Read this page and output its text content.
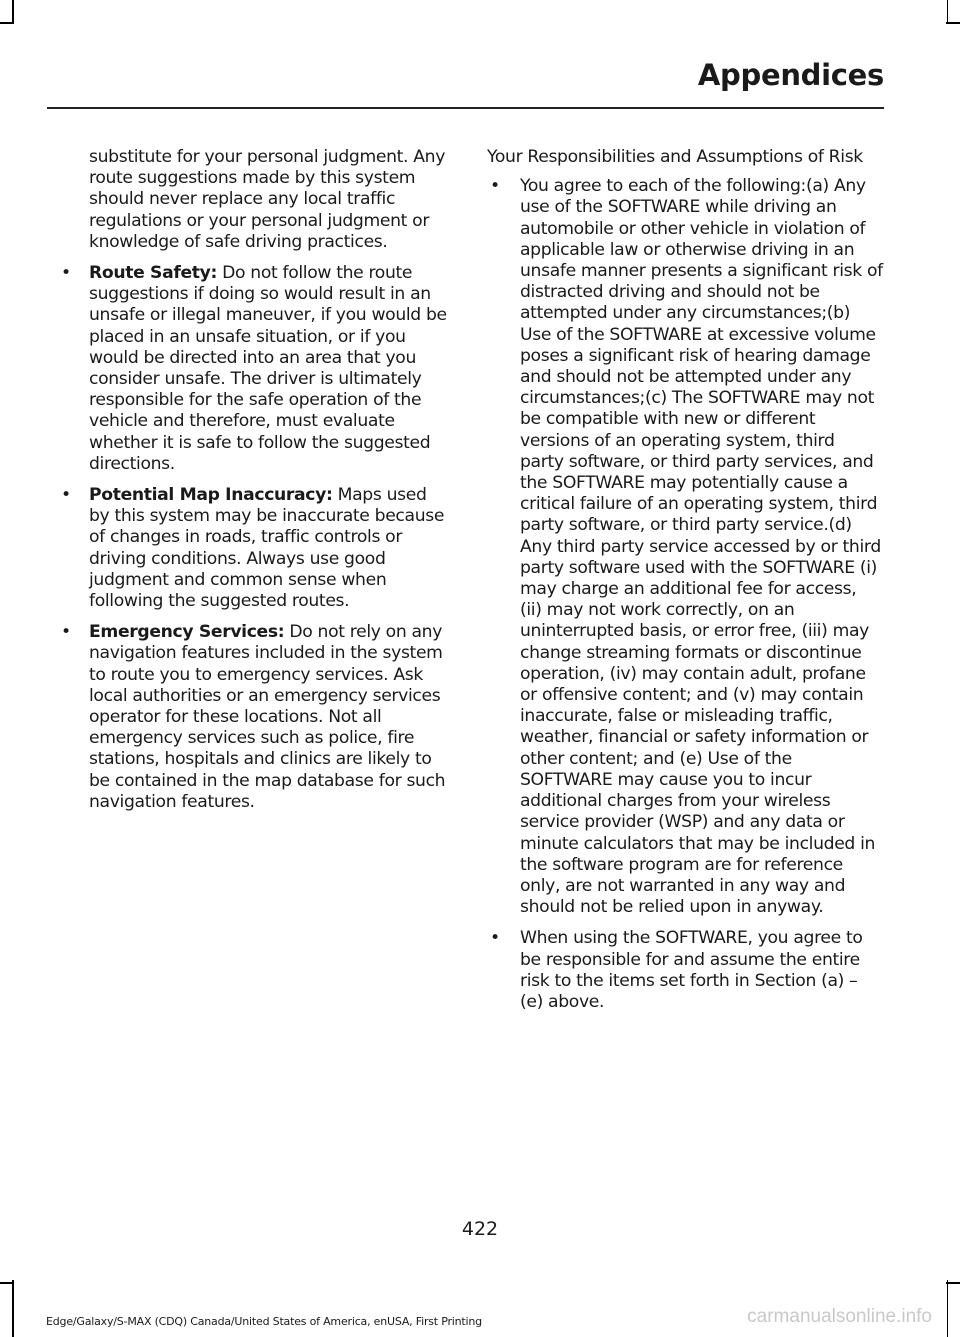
Appendices

substitute for your personal judgment. Any route suggestions made by this system should never replace any local traffic regulations or your personal judgment or knowledge of safe driving practices.

• Route Safety: Do not follow the route suggestions if doing so would result in an unsafe or illegal maneuver, if you would be placed in an unsafe situation, or if you would be directed into an area that you consider unsafe. The driver is ultimately responsible for the safe operation of the vehicle and therefore, must evaluate whether it is safe to follow the suggested directions.
• Potential Map Inaccuracy: Maps used by this system may be inaccurate because of changes in roads, traffic controls or driving conditions. Always use good judgment and common sense when following the suggested routes.
• Emergency Services: Do not rely on any navigation features included in the system to route you to emergency services. Ask local authorities or an emergency services operator for these locations. Not all emergency services such as police, fire stations, hospitals and clinics are likely to be contained in the map database for such navigation features.

Your Responsibilities and Assumptions of Risk

• You agree to each of the following:(a) Any use of the SOFTWARE while driving an automobile or other vehicle in violation of applicable law or otherwise driving in an unsafe manner presents a significant risk of distracted driving and should not be attempted under any circumstances;(b) Use of the SOFTWARE at excessive volume poses a significant risk of hearing damage and should not be attempted under any circumstances;(c) The SOFTWARE may not be compatible with new or different versions of an operating system, third party software, or third party services, and the SOFTWARE may potentially cause a critical failure of an operating system, third party software, or third party service.(d) Any third party service accessed by or third party software used with the SOFTWARE (i) may charge an additional fee for access, (ii) may not work correctly, on an uninterrupted basis, or error free, (iii) may change streaming formats or discontinue operation, (iv) may contain adult, profane or offensive content; and (v) may contain inaccurate, false or misleading traffic, weather, financial or safety information or other content; and (e) Use of the SOFTWARE may cause you to incur additional charges from your wireless service provider (WSP) and any data or minute calculators that may be included in the software program are for reference only, are not warranted in any way and should not be relied upon in anyway.
• When using the SOFTWARE, you agree to be responsible for and assume the entire risk to the items set forth in Section (a) – (e) above.
422
Edge/Galaxy/S-MAX (CDQ) Canada/United States of America, enUSA, First Printing	carmanualsonline.info
